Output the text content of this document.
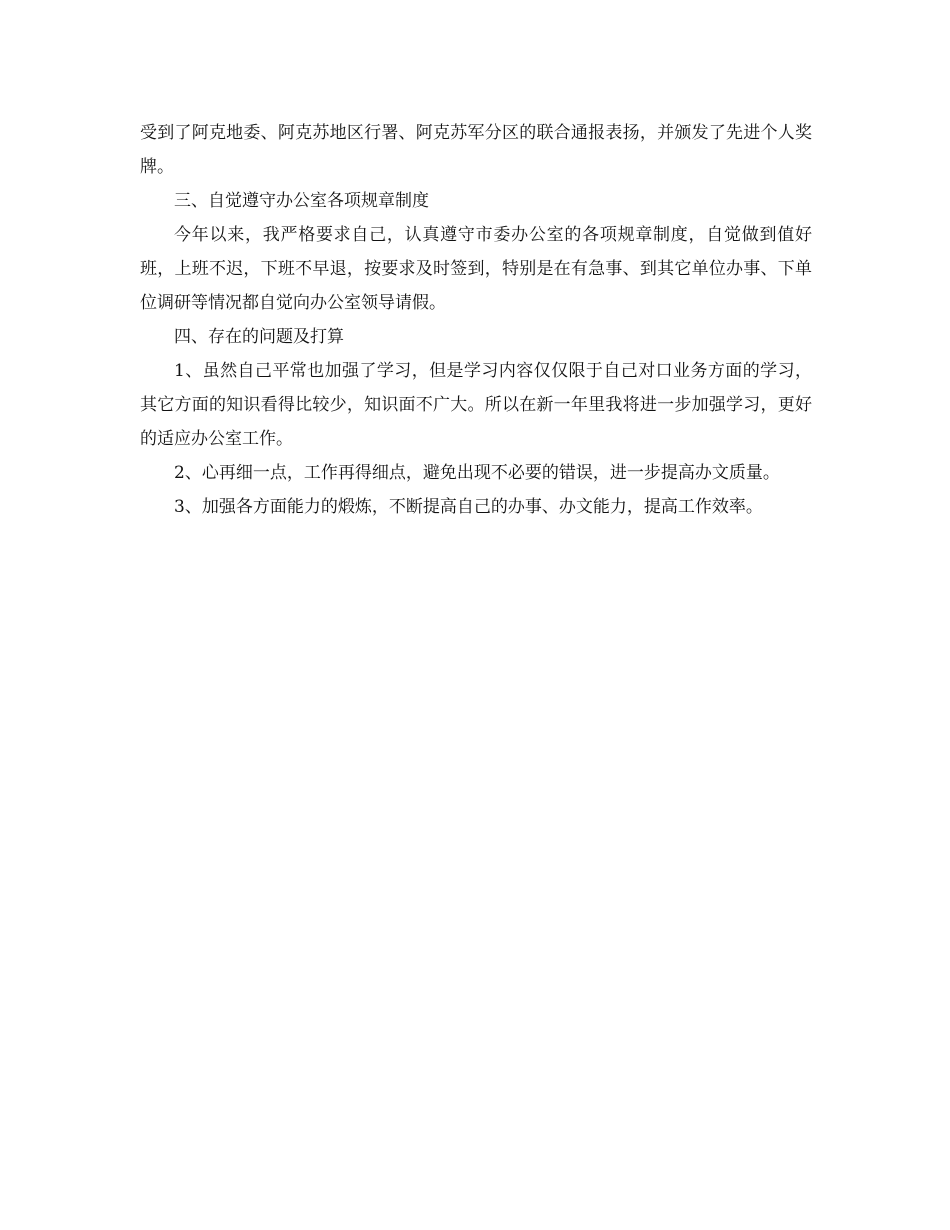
受到了阿克地委、阿克苏地区行署、阿克苏军分区的联合通报表扬，并颁发了先进个人奖牌。

三、自觉遵守办公室各项规章制度

今年以来，我严格要求自己，认真遵守市委办公室的各项规章制度，自觉做到值好班，上班不迟，下班不早退，按要求及时签到，特别是在有急事、到其它单位办事、下单位调研等情况都自觉向办公室领导请假。

四、存在的问题及打算

1、虽然自己平常也加强了学习，但是学习内容仅仅限于自己对口业务方面的学习，其它方面的知识看得比较少，知识面不广大。所以在新一年里我将进一步加强学习，更好的适应办公室工作。

2、心再细一点，工作再得细点，避免出现不必要的错误，进一步提高办文质量。

3、加强各方面能力的煅炼，不断提高自己的办事、办文能力，提高工作效率。
